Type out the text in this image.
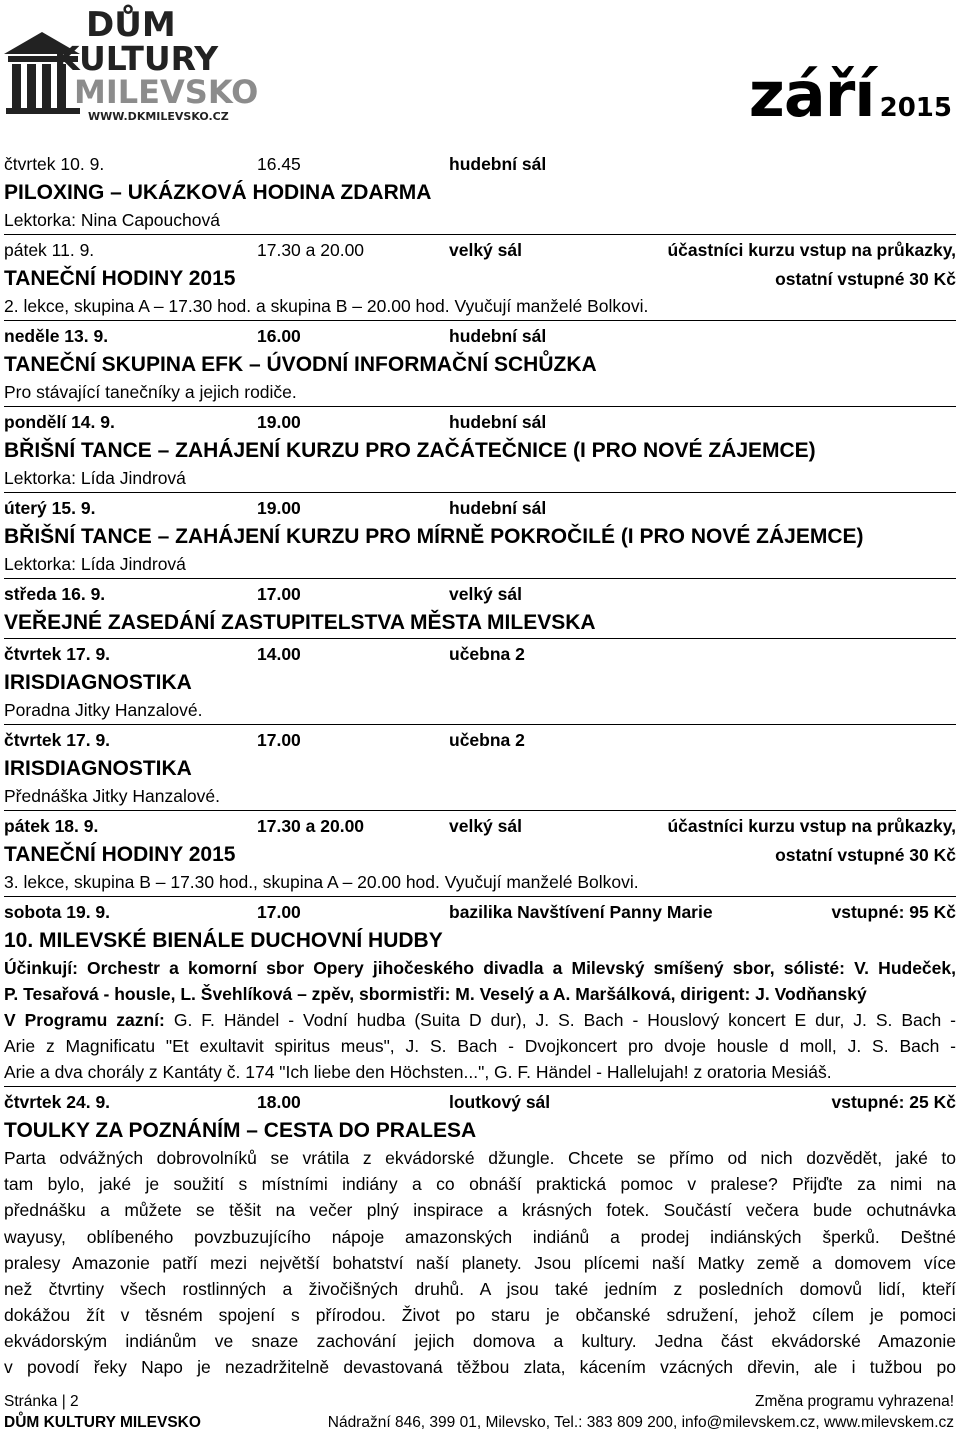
DŮM
KULTURY
MILEVSKO
WWW.DKMILEVSKO.CZ	září 2015
čtvrtek 10. 9.	16.45	hudební sál
PILOXING – UKÁZKOVÁ HODINA ZDARMA
Lektorka: Nina Capouchová
pátek 11. 9.	17.30 a 20.00	velký sál	účastníci kurzu vstup na průkazky,
TANEČNÍ HODINY 2015	ostatní vstupné 30 Kč
2. lekce, skupina A – 17.30 hod. a skupina B – 20.00 hod. Vyučují manželé Bolkovi.
neděle 13. 9.	16.00	hudební sál
TANEČNÍ SKUPINA EFK – ÚVODNÍ INFORMAČNÍ SCHŮZKA
Pro stávající tanečníky a jejich rodiče.
pondělí 14. 9.	19.00	hudební sál
BŘIŠNÍ TANCE – ZAHÁJENÍ KURZU PRO ZAČÁTEČNICE (I PRO NOVÉ ZÁJEMCE)
Lektorka: Lída Jindrová
úterý 15. 9.	19.00	hudební sál
BŘIŠNÍ TANCE – ZAHÁJENÍ KURZU PRO MÍRNĚ POKROČILÉ (I PRO NOVÉ ZÁJEMCE)
Lektorka: Lída Jindrová
středa 16. 9.	17.00	velký sál
VEŘEJNÉ ZASEDÁNÍ ZASTUPITELSTVA MĚSTA MILEVSKA
čtvrtek 17. 9.	14.00	učebna 2
IRISDIAGNOSTIKA
Poradna Jitky Hanzalové.
čtvrtek 17. 9.	17.00	učebna 2
IRISDIAGNOSTIKA
Přednáška Jitky Hanzalové.
pátek 18. 9.	17.30 a 20.00	velký sál	účastníci kurzu vstup na průkazky,
TANEČNÍ HODINY 2015	ostatní vstupné 30 Kč
3. lekce, skupina B – 17.30 hod., skupina A – 20.00 hod. Vyučují manželé Bolkovi.
sobota 19. 9.	17.00	bazilika Navštívení Panny Marie	vstupné: 95 Kč
10. MILEVSKÉ BIENÁLE DUCHOVNÍ HUDBY
Účinkují: Orchestr a komorní sbor Opery jihočeského divadla a Milevský smíšený sbor, sólisté: V. Hudeček,
P. Tesařová - housle, L. Švehlíková – zpěv, sbormistři: M. Veselý a A. Maršálková, dirigent: J. Vodňanský
V Programu zazní: G. F. Händel - Vodní hudba (Suita D dur), J. S. Bach - Houslový koncert E dur, J. S. Bach -
Arie z Magnificatu "Et exultavit spiritus meus", J. S. Bach - Dvojkoncert pro dvoje housle d moll, J. S. Bach -
Arie a dva chorály z Kantáty č. 174 "Ich liebe den Höchsten...", G. F. Händel - Hallelujah! z oratoria Mesiáš.
čtvrtek 24. 9.	18.00	loutkový sál	vstupné: 25 Kč
TOULKY ZA POZNÁNÍM – CESTA DO PRALESA
Parta odvážných dobrovolníků se vrátila z ekvádorské džungle. Chcete se přímo od nich dozvědět, jaké to
tam bylo, jaké je soužití s místními indiány a co obnáší praktická pomoc v pralese? Přijďte za nimi na
přednášku a můžete se těšit na večer plný inspirace a krásných fotek. Součástí večera bude ochutnávka
wayusy, oblíbeného povzbuzujícího nápoje amazonských indiánů a prodej indiánských šperků. Deštné
pralesy Amazonie patří mezi největší bohatství naší planety. Jsou plícemi naší Matky země a domovem více
než čtvrtiny všech rostlinných a živočišných druhů. A jsou také jedním z posledních domovů lidí, kteří
dokážou žít v těsném spojení s přírodou. Život po staru je občanské sdružení, jehož cílem je pomoci
ekvádorským indiánům ve snaze zachování jejich domova a kultury. Jedna část ekvádorské Amazonie
v povodí řeky Napo je nezadržitelně devastovaná těžbou zlata, kácením vzácných dřevin, ale i tužbou po
Stránka | 2	Změna programu vyhrazena!
DŮM KULTURY MILEVSKO	Nádražní 846, 399 01, Milevsko, Tel.: 383 809 200, info@milevskem.cz, www.milevskem.cz
